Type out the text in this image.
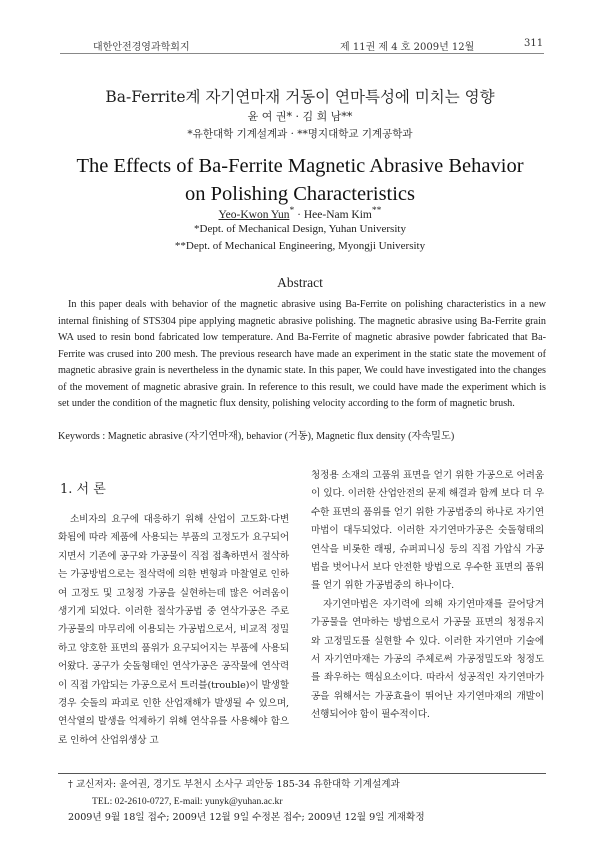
대한안전경영과학회지	제 11권 제 4 호 2009년 12월	311
Ba-Ferrite계 자기연마재 거동이 연마특성에 미치는 영향
윤 여 권* · 김 희 남**
*유한대학 기계설계과 · **명지대학교 기계공학과
The Effects of Ba-Ferrite Magnetic Abrasive Behavior on Polishing Characteristics
Yeo-Kwon Yun* · Hee-Nam Kim**
*Dept. of Mechanical Design, Yuhan University
**Dept. of Mechanical Engineering, Myongji University
Abstract

In this paper deals with behavior of the magnetic abrasive using Ba-Ferrite on polishing characteristics in a new internal finishing of STS304 pipe applying magnetic abrasive polishing. The magnetic abrasive using Ba-Ferrite grain WA used to resin bond fabricated low temperature. And Ba-Ferrite of magnetic abrasive powder fabricated that Ba-Ferrite was crused into 200 mesh. The previous research have made an experiment in the static state the movement of magnetic abrasive grain is nevertheless in the dynamic state. In this paper, We could have investigated into the changes of the movement of magnetic abrasive grain. In reference to this result, we could have made the experiment which is set under the condition of the magnetic flux density, polishing velocity according to the form of magnetic brush.

Keywords : Magnetic abrasive (자기연마재), behavior (거동), Magnetic flux density (자속밀도)
1. 서 론

소비자의 요구에 대응하기 위해 산업이 고도화·다변화됨에 따라 제품에 사용되는 부품의 고정도가 요구되어지면서 기존에 공구와 가공물이 직접 접촉하면서 절삭하는 가공방법으로는 절삭력에 의한 변형과 마찰열로 인하여 고정도 및 고청정 가공을 실현하는데 많은 어려움이 생기게 되었다. 이러한 절삭가공법 중 연삭가공은 주로 가공물의 마무리에 이용되는 가공법으로서, 비교적 정밀하고 양호한 표면의 품위가 요구되어지는 부품에 사용되어왔다. 공구가 숫돌형태인 연삭가공은 공작물에 연삭력이 직접 가압되는 가공으로서 트러블(trouble)이 발생할 경우 숫돌의 파괴로 인한 산업재해가 발생될 수 있으며, 연삭열의 발생을 억제하기 위해 연삭유를 사용해야 함으로 인하여 산업위생상 고

청정용 소재의 고품위 표면을 얻기 위한 가공으로 어려움이 있다. 이러한 산업안전의 문제 해결과 함께 보다 더 우수한 표면의 품위를 얻기 위한 가공법중의 하나로 자기연마법이 대두되었다. 이러한 자기연마가공은 숫돌형태의 연삭을 비롯한 래핑, 슈퍼피니싱 등의 직접 가압식 가공법을 벗어나서 보다 안전한 방법으로 우수한 표면의 품위를 얻기 위한 가공법중의 하나이다.

자기연마법은 자기력에 의해 자기연마재를 끌어당겨 가공물을 연마하는 방법으로서 가공물 표면의 청정유지와 고정밀도를 실현할 수 있다. 이러한 자기연마 기술에서 자기연마재는 가공의 주체로써 가공정밀도와 청정도를 좌우하는 핵심요소이다. 따라서 성공적인 자기연마가공을 위해서는 가공효율이 뛰어난 자기연마재의 개발이 선행되어야 함이 필수적이다.

† 교신저자: 윤여권, 경기도 부천시 소사구 괴안동 185-34 유한대학 기계설계과
TEL: 02-2610-0727, E-mail: yunyk@yuhan.ac.kr
2009년 9월 18일 접수; 2009년 12월 9일 수정본 접수; 2009년 12월 9일 게재확정
